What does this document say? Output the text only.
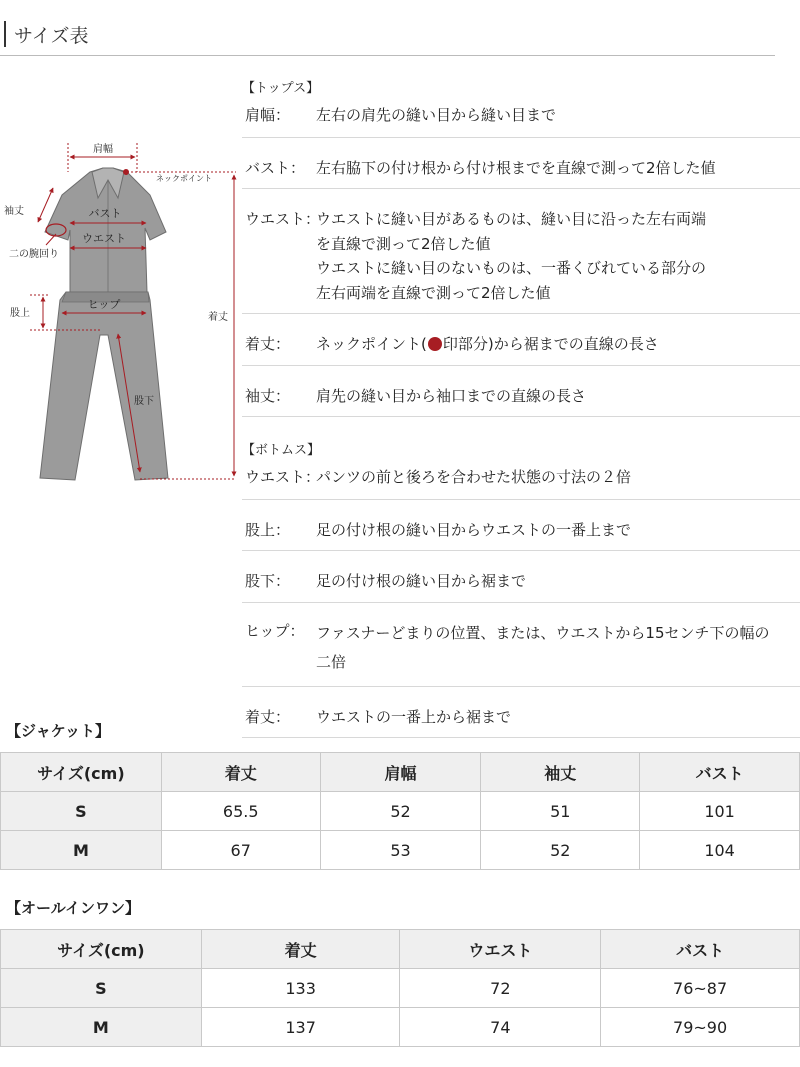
サイズ表
肩幅
ネックポイント
袖丈	バスト
ウエスト
二の腕回り
着丈
股上
ヒップ
股下
【トップス】
肩幅：	左右の肩先の縫い目から縫い目まで
バスト： 左右脇下の付け根から付け根までを直線で測って2倍した値
ウエスト：
ウエストに縫い目があるものは、縫い目に沿った左右両端
を直線で測って2倍した値
ウエストに縫い目のないものは、一番くびれている部分の
左右両端を直線で測って2倍した値
着丈：	ネックポイント( 印部分)から裾までの直線の長さ
袖丈：	肩先の縫い目から袖口までの直線の長さ
【ボトムス】
ウエスト：
パンツの前と後ろを合わせた状態の寸法の２倍
股上：	足の付け根の縫い目からウエストの一番上まで
股下：	足の付け根の縫い目から裾まで
ヒップ： ファスナーどまりの位置、または、ウエストから15センチ下の幅の
二倍
着丈：	ウエストの一番上から裾まで
【ジャケット】
サイズ(cm)	着丈	肩幅	袖丈	バスト
S	65.5	52	51	101
M	67	53	52	104
【オールインワン】
サイズ(cm)	着丈	ウエスト	バスト
S	133	72	76~87
M	137	74	79~90
